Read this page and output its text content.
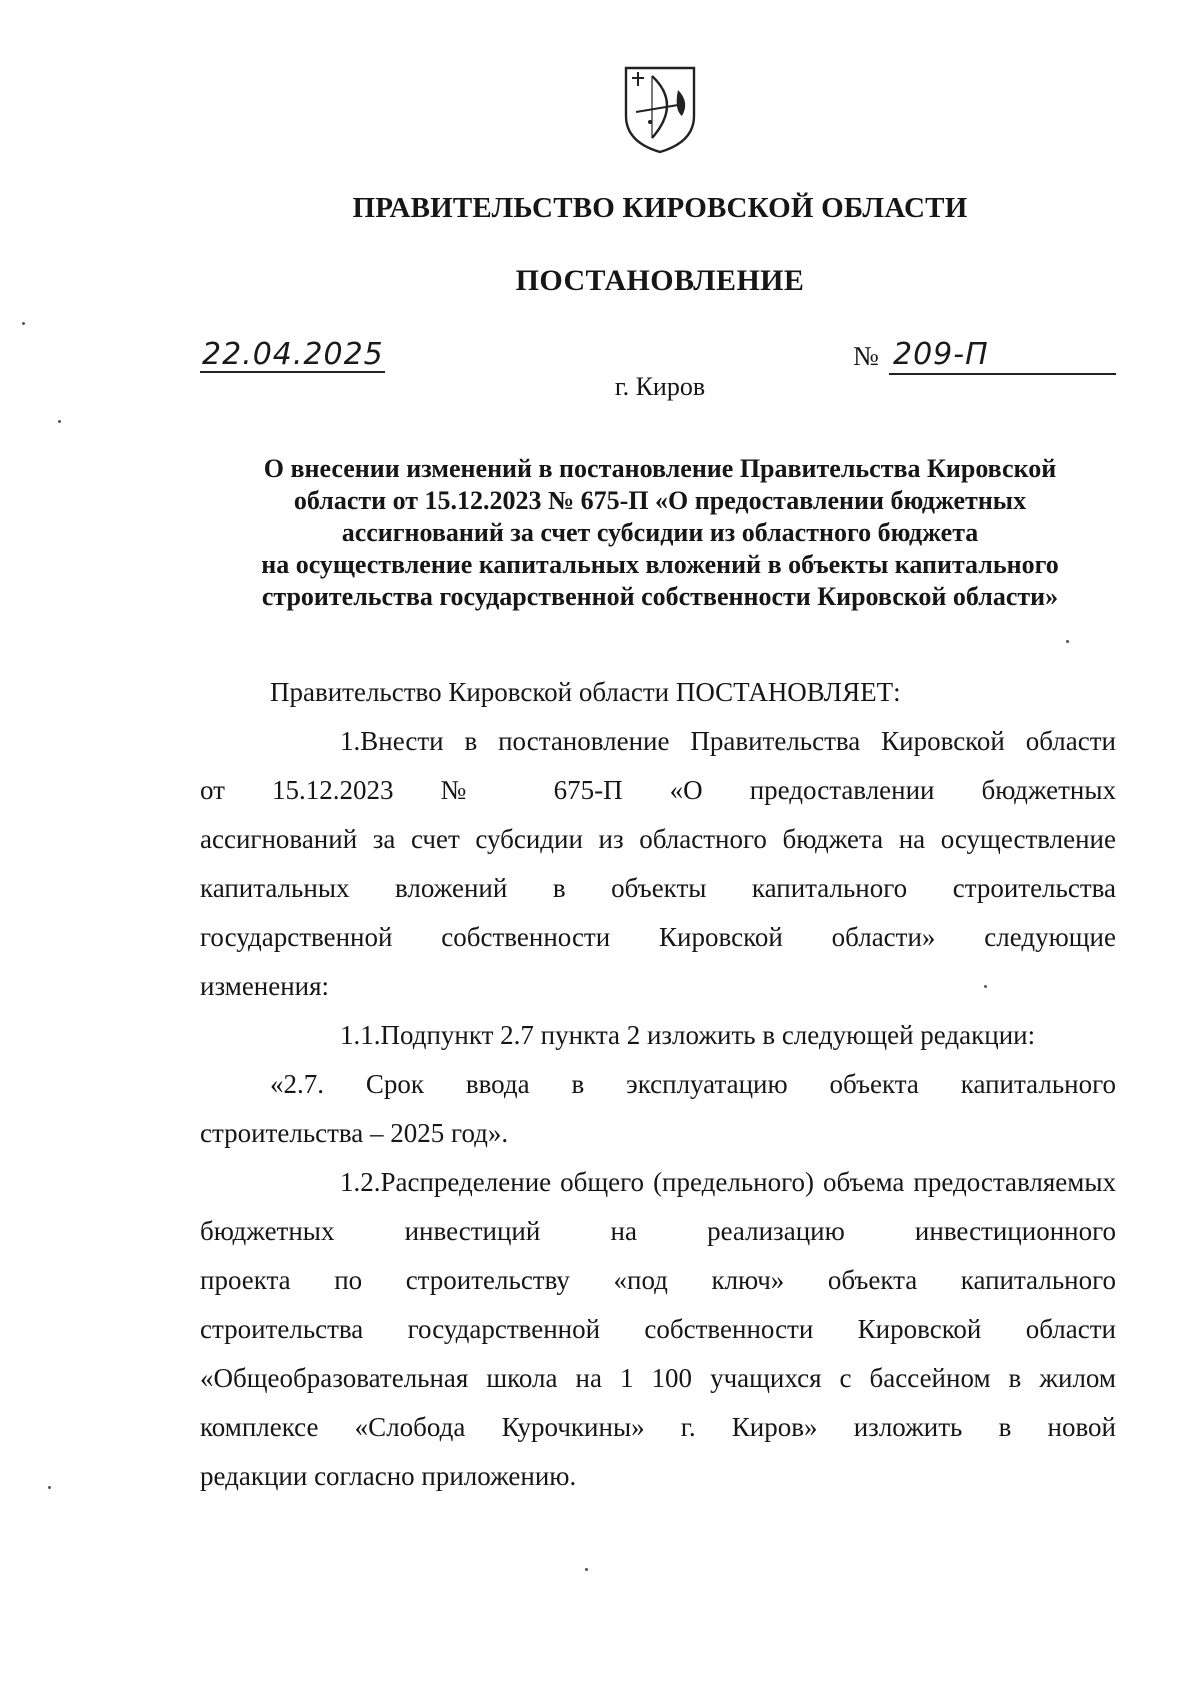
ПРАВИТЕЛЬСТВО КИРОВСКОЙ ОБЛАСТИ
ПОСТАНОВЛЕНИЕ
22.04.2025	№ 209-П
г. Киров
О внесении изменений в постановление Правительства Кировской
области от 15.12.2023 № 675-П «О предоставлении бюджетных
ассигнований за счет субсидии из областного бюджета
на осуществление капитальных вложений в объекты капитального
строительства государственной собственности Кировской области»

Правительство Кировской области ПОСТАНОВЛЯЕТ:

1.Внести в постановление Правительства Кировской области

от 15.12.2023 № 675-П «О предоставлении бюджетных

ассигнований за счет субсидии из областного бюджета на осуществление

капитальных вложений в объекты капитального строительства

государственной собственности Кировской области» следующие

изменения:

1.1.Подпункт 2.7 пункта 2 изложить в следующей редакции:

«2.7. Срок ввода в эксплуатацию объекта капитального

строительства – 2025 год».

1.2.Распределение общего (предельного) объема предоставляемых

бюджетных инвестиций на реализацию инвестиционного

проекта по строительству «под ключ» объекта капитального

строительства государственной собственности Кировской области

«Общеобразовательная школа на 1 100 учащихся с бассейном в жилом

комплексе «Слобода Курочкины» г. Киров» изложить в новой

редакции согласно приложению.
